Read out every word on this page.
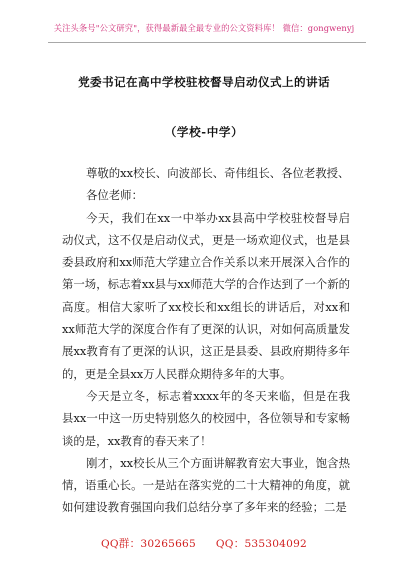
关注头条号"公文研究"，获得最新最全最专业的公文资料库！ 微信：gongwenyj
党委书记在高中学校驻校督导启动仪式上的讲话
（学校-中学）

尊敬的xx校长、向波部长、奇伟组长、各位老教授、

各位老师：

今天，我们在xx一中举办xx县高中学校驻校督导启动仪式，这不仅是启动仪式，更是一场欢迎仪式，也是县委县政府和xx师范大学建立合作关系以来开展深入合作的第一场，标志着xx县与xx师范大学的合作达到了一个新的高度。相信大家听了xx校长和xx组长的讲话后，对xx和xx师范大学的深度合作有了更深的认识，对如何高质量发展xx教育有了更深的认识，这正是县委、县政府期待多年的，更是全县xx万人民群众期待多年的大事。

今天是立冬，标志着xxxx年的冬天来临，但是在我县xx一中这一历史特别悠久的校园中，各位领导和专家畅谈的是，xx教育的春天来了！

刚才，xx校长从三个方面讲解教育宏大事业，饱含热情，语重心长。一是站在落实党的二十大精神的角度，就如何建设教育强国向我们总结分享了多年来的经验；二是

QQ群：30265665 QQ：535304092
